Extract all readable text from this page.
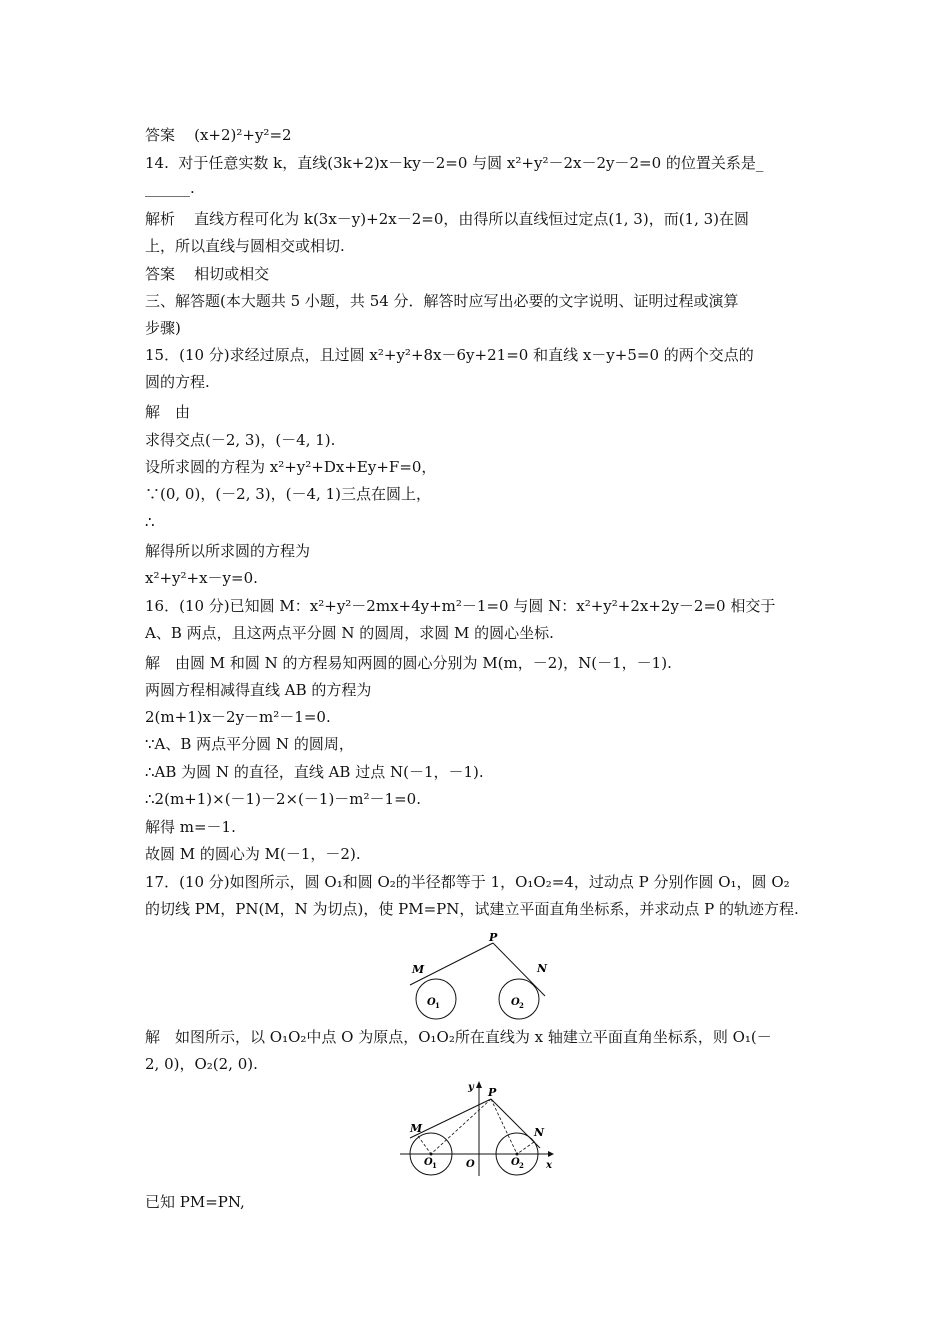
答案 (x+2)²+y²=2
14. 对于任意实数 k，直线(3k+2)x－ky－2=0 与圆 x²+y²－2x－2y－2=0 的位置关系是_
______.
解析 直线方程可化为 k(3x－y)+2x－2=0，由得所以直线恒过定点(1, 3)，而(1, 3)在圆
上，所以直线与圆相交或相切.
答案 相切或相交
三、解答题(本大题共 5 小题，共 54 分．解答时应写出必要的文字说明、证明过程或演算
步骤)
15．(10 分)求经过原点，且过圆 x²+y²+8x－6y+21=0 和直线 x－y+5=0 的两个交点的
圆的方程.
解　由
求得交点(－2, 3)，(－4, 1).
设所求圆的方程为 x²+y²+Dx+Ey+F=0，
∵(0, 0)，(－2, 3)，(－4, 1)三点在圆上，
∴
解得所以所求圆的方程为
x²+y²+x－y=0.
16．(10 分)已知圆 M：x²+y²－2mx+4y+m²－1=0 与圆 N：x²+y²+2x+2y－2=0 相交于
A、B 两点，且这两点平分圆 N 的圆周，求圆 M 的圆心坐标.
解　由圆 M 和圆 N 的方程易知两圆的圆心分别为 M(m，－2)，N(－1，－1).
两圆方程相减得直线 AB 的方程为
2(m+1)x－2y－m²－1=0.
∵A、B 两点平分圆 N 的圆周，
∴AB 为圆 N 的直径，直线 AB 过点 N(－1，－1).
∴2(m+1)×(－1)－2×(－1)－m²－1=0.
解得 m=－1.
故圆 M 的圆心为 M(－1，－2).
17．(10 分)如图所示，圆 O₁和圆 O₂的半径都等于 1，O₁O₂=4，过动点 P 分别作圆 O₁，圆 O₂
的切线 PM，PN(M，N 为切点)，使 PM=PN，试建立平面直角坐标系，并求动点 P 的轨迹方程.
P
M	N
O 1	O 2
解　如图所示，以 O₁O₂中点 O 为原点，O₁O₂所在直线为 x 轴建立平面直角坐标系，则 O₁(－
2, 0)，O₂(2, 0).
y
x
P
M	N
O
O 1	O 2
已知 PM=PN,
